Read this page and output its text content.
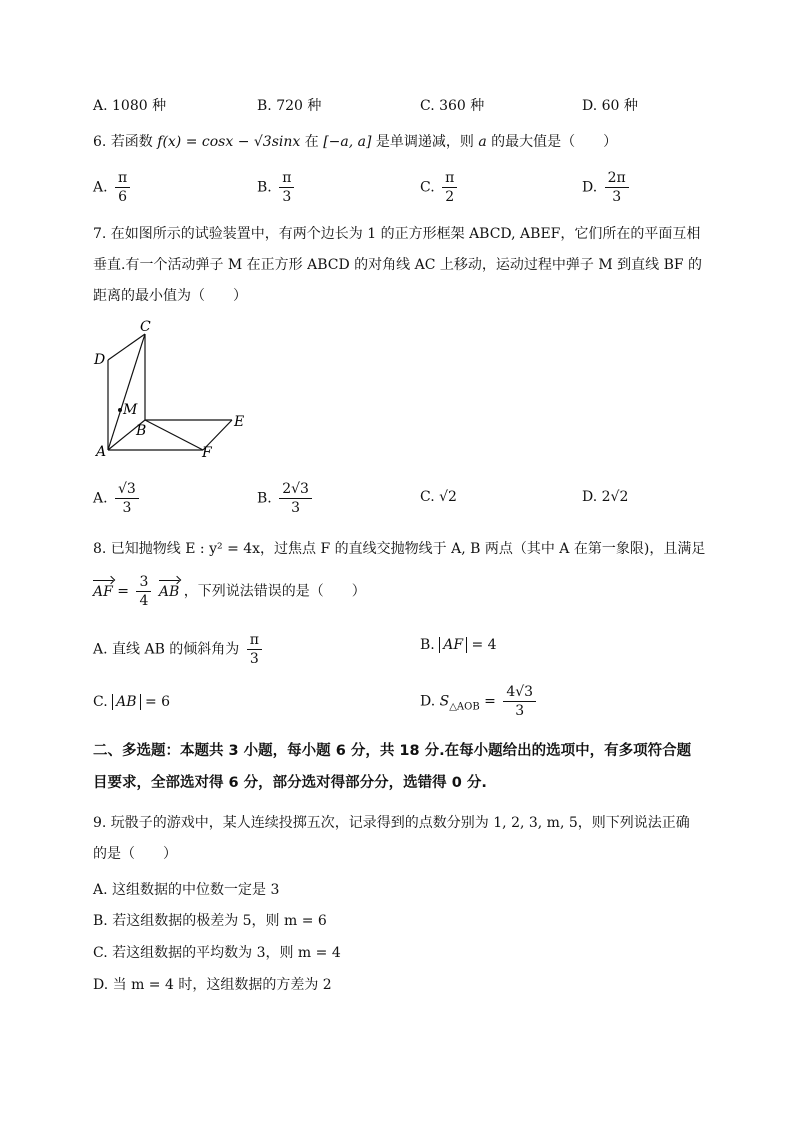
A. 1080 种	B. 720 种	C. 360 种	D. 60 种
6. 若函数 f(x) = cosx − √3sinx 在 [−a, a] 是单调递减，则 a 的最大值是（　　）
A. $\frac{\pi}{6}$	B. $\frac{\pi}{3}$	C. $\frac{\pi}{2}$	D. $\frac{2\pi}{3}$
7. 在如图所示的试验装置中，有两个边长为 1 的正方形框架 ABCD, ABEF，它们所在的平面互相垂直.有一个活动弹子 M 在正方形 ABCD 的对角线 AC 上移动，运动过程中弹子 M 到直线 BF 的距离的最小值为（　　）
C
D
M
B
E
A	F
A. $\frac{√3}{3}$	B. $\frac{2√3}{3}$	C. √2	D. 2√2
8. 已知抛物线 E : y² = 4x，过焦点 F 的直线交抛物线于 A, B 两点（其中 A 在第一象限)，且满足
AF = $\frac{3}{4}$ AB ，下列说法错误的是（　　）
A. 直线 AB 的倾斜角为 $\frac{\pi}{3}$	B. AF = 4
C. AB = 6	D. $S_{\triangle AOB} = \frac{4√3}{3}$
二、多选题：本题共 3 小题，每小题 6 分，共 18 分.在每小题给出的选项中，有多项符合题目要求，全部选对得 6 分，部分选对得部分分，选错得 0 分.
9. 玩骰子的游戏中，某人连续投掷五次，记录得到的点数分别为 1, 2, 3, m, 5，则下列说法正确的是（　　）
A. 这组数据的中位数一定是 3
B. 若这组数据的极差为 5，则 m = 6
C. 若这组数据的平均数为 3，则 m = 4
D. 当 m = 4 时，这组数据的方差为 2
